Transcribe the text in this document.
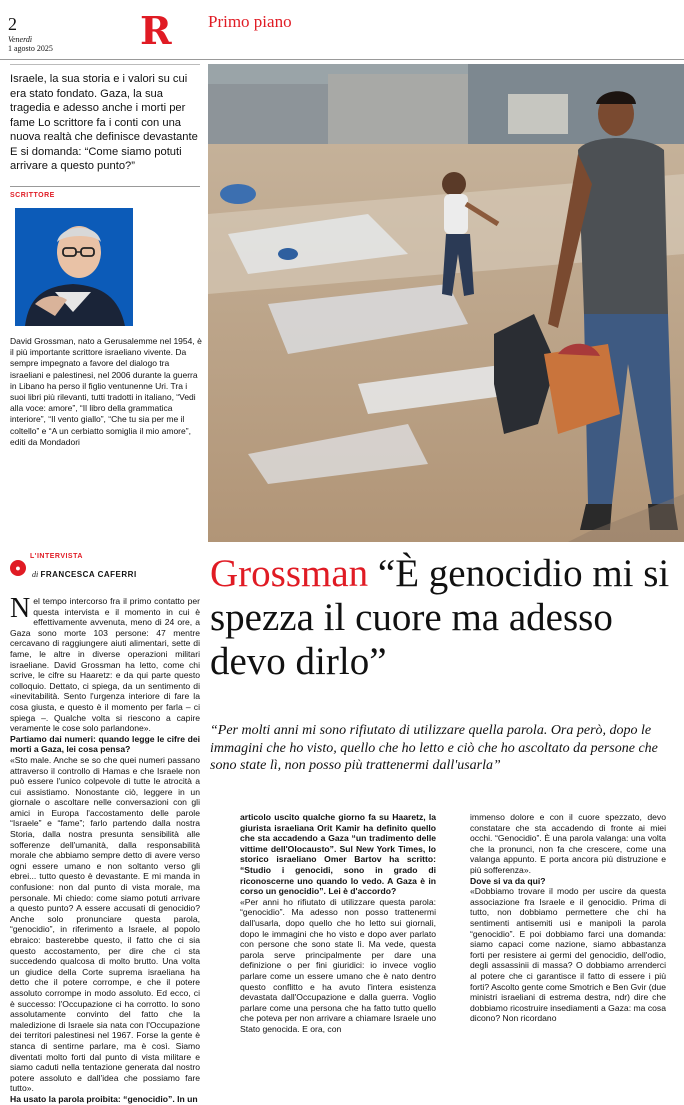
2
Venerdì
1 agosto 2025 R Primo piano
Israele, la sua storia e i valori su cui era stato fondato. Gaza, la sua tragedia e adesso anche i morti per fame Lo scrittore fa i conti con una nuova realtà che definisce devastante E si domanda: “Come siamo potuti arrivare a questo punto?”
SCRITTORE
David Grossman, nato a Gerusalemme nel 1954, è il più importante scrittore israeliano vivente. Da sempre impegnato a favore del dialogo tra israeliani e palestinesi, nel 2006 durante la guerra in Libano ha perso il figlio ventunenne Uri. Tra i suoi libri più rilevanti, tutti tradotti in italiano, “Vedi alla voce: amore”, “Il libro della grammatica interiore”, “Il vento giallo”, “Che tu sia per me il coltello” e “A un cerbiatto somiglia il mio amore”, editi da Mondadori
●
L'INTERVISTA
di FRANCESCA CAFERRI Grossman “È genocidio mi si spezza il cuore ma adesso devo dirlo”
“Per molti anni mi sono rifiutato di utilizzare quella parola. Ora però, dopo le immagini che ho visto, quello che ho letto e ciò che ho ascoltato da persone che sono state lì, non posso più trattenermi dall'usarla”

N el tempo intercorso fra il primo contatto per questa intervista e il momento in cui è effettivamente avvenuta, meno di 24 ore, a Gaza sono morte 103 persone: 47 mentre cercavano di raggiungere aiuti alimentari, sette di fame, le altre in diverse operazioni militari israeliane. David Grossman ha letto, come chi scrive, le cifre su Haaretz: e da qui parte questo colloquio. Dettato, ci spiega, da un sentimento di «inevitabilità. Sento l'urgenza interiore di fare la cosa giusta, e questo è il momento per farla – ci spiega –. Qualche volta si riescono a capire veramente le cose solo parlandone».

Partiamo dai numeri: quando legge le cifre dei morti a Gaza, lei cosa pensa?

«Sto male. Anche se so che quei numeri passano attraverso il controllo di Hamas e che Israele non può essere l'unico colpevole di tutte le atrocità a cui assistiamo. Nonostante ciò, leggere in un giornale o ascoltare nelle conversazioni con gli amici in Europa l'accostamento delle parole “Israele” e “fame”; farlo partendo dalla nostra Storia, dalla nostra presunta sensibilità alle sofferenze dell'umanità, dalla responsabilità morale che abbiamo sempre detto di avere verso ogni essere umano e non soltanto verso gli ebrei... tutto questo è devastante. E mi manda in confusione: non dal punto di vista morale, ma personale. Mi chiedo: come siamo potuti arrivare a questo punto? A essere accusati di genocidio? Anche solo pronunciare questa parola, “genocidio”, in riferimento a Israele, al popolo ebraico: basterebbe questo, il fatto che ci sia questo accostamento, per dire che ci sta succedendo qualcosa di molto brutto. Una volta un giudice della Corte suprema israeliana ha detto che il potere corrompe, e che il potere assoluto corrompe in modo assoluto. Ed ecco, ci è successo: l'Occupazione ci ha corrotto. Io sono assolutamente convinto del fatto che la maledizione di Israele sia nata con l'Occupazione dei territori palestinesi nel 1967. Forse la gente è stanca di sentirne parlare, ma è così. Siamo diventati molto forti dal punto di vista militare e siamo caduti nella tentazione generata dal nostro potere assoluto e dall'idea che possiamo fare tutto».

Ha usato la parola proibita: “genocidio”. In un

articolo uscito qualche giorno fa su Haaretz, la giurista israeliana Orit Kamir ha definito quello che sta accadendo a Gaza “un tradimento delle vittime dell'Olocausto”. Sul New York Times, lo storico israeliano Omer Bartov ha scritto: “Studio i genocidi, sono in grado di riconoscerne uno quando lo vedo. A Gaza è in corso un genocidio”. Lei è d'accordo?

«Per anni ho rifiutato di utilizzare questa parola: “genocidio”. Ma adesso non posso trattenermi dall'usarla, dopo quello che ho letto sui giornali, dopo le immagini che ho visto e dopo aver parlato con persone che sono state lì. Ma vede, questa parola serve principalmente per dare una definizione o per fini giuridici: io invece voglio parlare come un essere umano che è nato dentro questo conflitto e ha avuto l'intera esistenza devastata dall'Occupazione e dalla guerra. Voglio parlare come una persona che ha fatto tutto quello che poteva per non arrivare a chiamare Israele uno Stato genocida. E ora, con

immenso dolore e con il cuore spezzato, devo constatare che sta accadendo di fronte ai miei occhi. “Genocidio”. È una parola valanga: una volta che la pronunci, non fa che crescere, come una valanga appunto. E porta ancora più distruzione e più sofferenza».

Dove si va da qui?

«Dobbiamo trovare il modo per uscire da questa associazione fra Israele e il genocidio. Prima di tutto, non dobbiamo permettere che chi ha sentimenti antisemiti usi e manipoli la parola “genocidio”. E poi dobbiamo farci una domanda: siamo capaci come nazione, siamo abbastanza forti per resistere ai germi del genocidio, dell'odio, degli assassinii di massa? O dobbiamo arrenderci al potere che ci garantisce il fatto di essere i più forti? Ascolto gente come Smotrich e Ben Gvir (due ministri israeliani di estrema destra, ndr) dire che dobbiamo ricostruire insediamenti a Gaza: ma cosa dicono? Non ricordano
